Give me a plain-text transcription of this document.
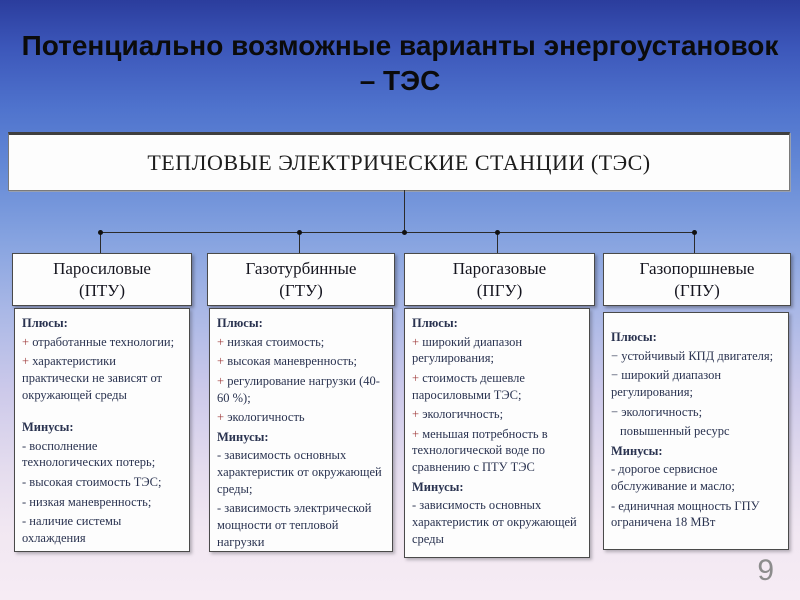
Потенциально возможные варианты энергоустановок
– ТЭС
ТЕПЛОВЫЕ ЭЛЕКТРИЧЕСКИЕ СТАНЦИИ (ТЭС)
Паросиловые
(ПТУ)
Газотурбинные
(ГТУ)
Парогазовые
(ПГУ)
Газопоршневые
(ГПУ)
Плюсы:
+ отработанные технологии;
+ характеристики практически не зависят от окружающей среды
Минусы:
- восполнение технологических потерь;
- высокая стоимость ТЭС;
- низкая маневренность;
- наличие системы охлаждения
Плюсы:
+ низкая стоимость;
+ высокая маневренность;
+ регулирование нагрузки (40-60 %);
+ экологичность
Минусы:
- зависимость основных характеристик от окружающей среды;
- зависимость электрической мощности от тепловой нагрузки
Плюсы:
+ широкий диапазон регулирования;
+ стоимость дешевле паросиловыми ТЭС;
+ экологичность;
+ меньшая потребность в технологической воде по сравнению с ПТУ ТЭС
Минусы:
- зависимость основных характеристик от окружающей среды
Плюсы:
− устойчивый КПД двигателя;
− широкий диапазон регулирования;
− экологичность;
повышенный ресурс
Минусы:
- дорогое сервисное обслуживание и масло;
- единичная мощность ГПУ ограничена 18 МВт
9
